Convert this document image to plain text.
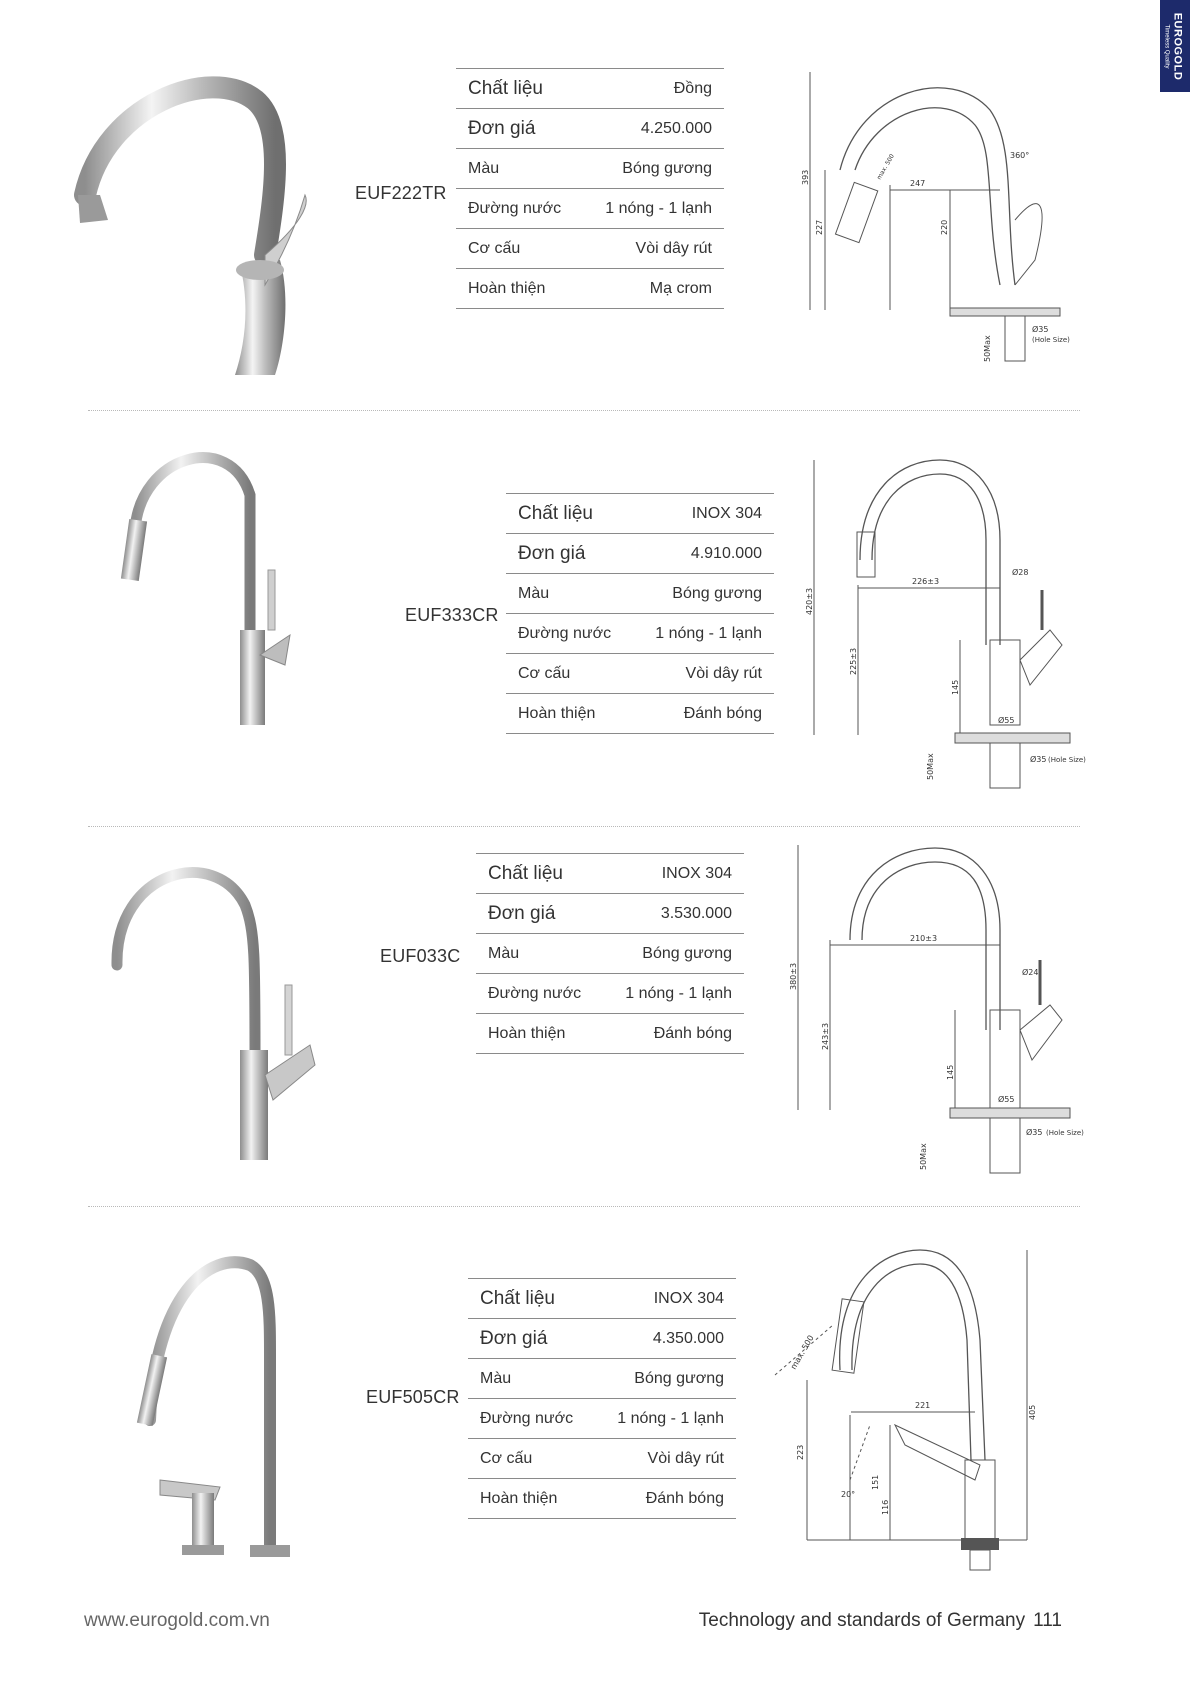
EUROGOLD
Timeless Quality
EUF222TR
Chất liệu	Đồng
Đơn giá	4.250.000
Màu	Bóng gương
Đường nước	1 nóng - 1 lạnh
Cơ cấu	Vòi dây rút
Hoàn thiện	Mạ crom
393
227	220
247
360°
max. 500
Ø35
(Hole Size)
50Max
EUF333CR
Chất liệu	INOX 304
Đơn giá	4.910.000
Màu	Bóng gương
Đường nước	1 nóng - 1 lạnh
Cơ cấu	Vòi dây rút
Hoàn thiện	Đánh bóng
420±3
225±3
145
226±3
Ø28
Ø55
Ø35 (Hole Size)
50Max
EUF033C
Chất liệu	INOX 304
Đơn giá	3.530.000
Màu	Bóng gương
Đường nước	1 nóng - 1 lạnh
Hoàn thiện	Đánh bóng
380±3
243±3
145
210±3
Ø24
Ø55
Ø35 (Hole Size)
50Max
EUF505CR
Chất liệu	INOX 304
Đơn giá	4.350.000
Màu	Bóng gương
Đường nước	1 nóng - 1 lạnh
Cơ cấu	Vòi dây rút
Hoàn thiện	Đánh bóng
405
223
151
116
221
max. 500
20°
www.eurogold.com.vn	Technology and standards of Germany 111
